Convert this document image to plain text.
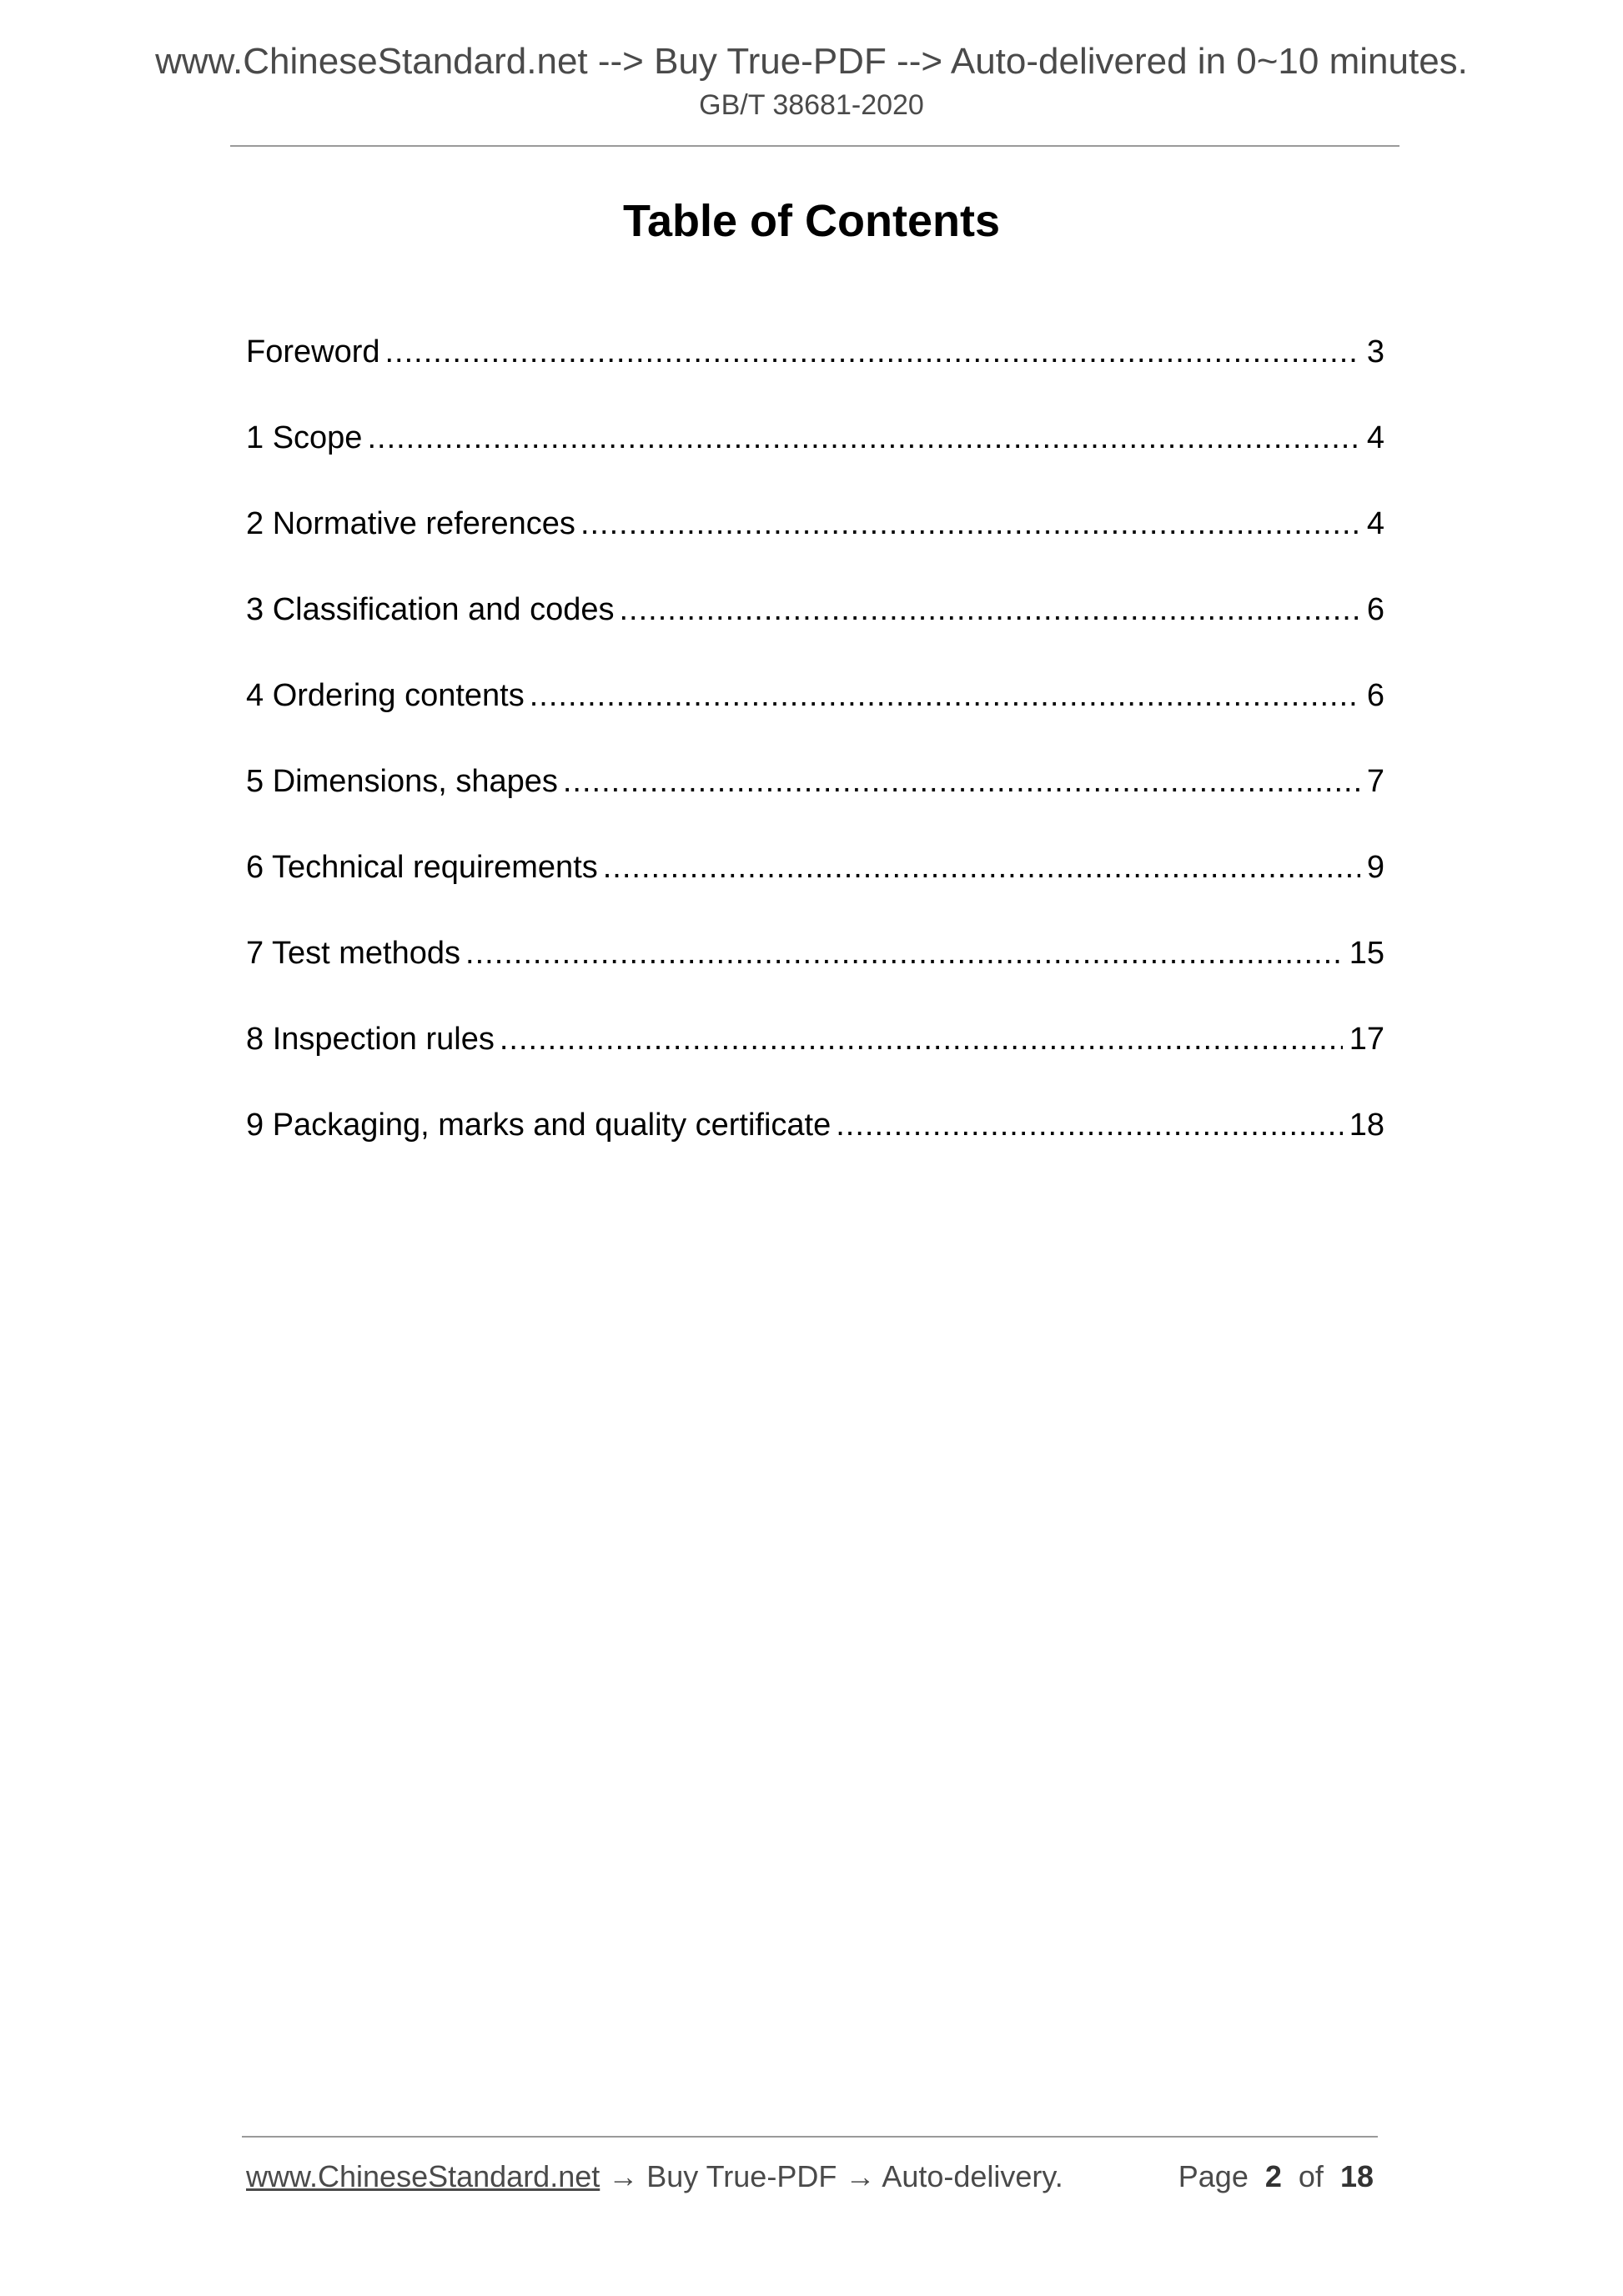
www.ChineseStandard.net --> Buy True-PDF --> Auto-delivered in 0~10 minutes.
GB/T 38681-2020
Table of Contents
Foreword .....	3
1 Scope .....	4
2 Normative references .....	4
3 Classification and codes .....	6
4 Ordering contents .....	6
5 Dimensions, shapes .....	7
6 Technical requirements .....	9
7 Test methods .....	15
8 Inspection rules .....	17
9 Packaging, marks and quality certificate .....	18
www.ChineseStandard.net → Buy True-PDF → Auto-delivery.	Page 2 of 18
